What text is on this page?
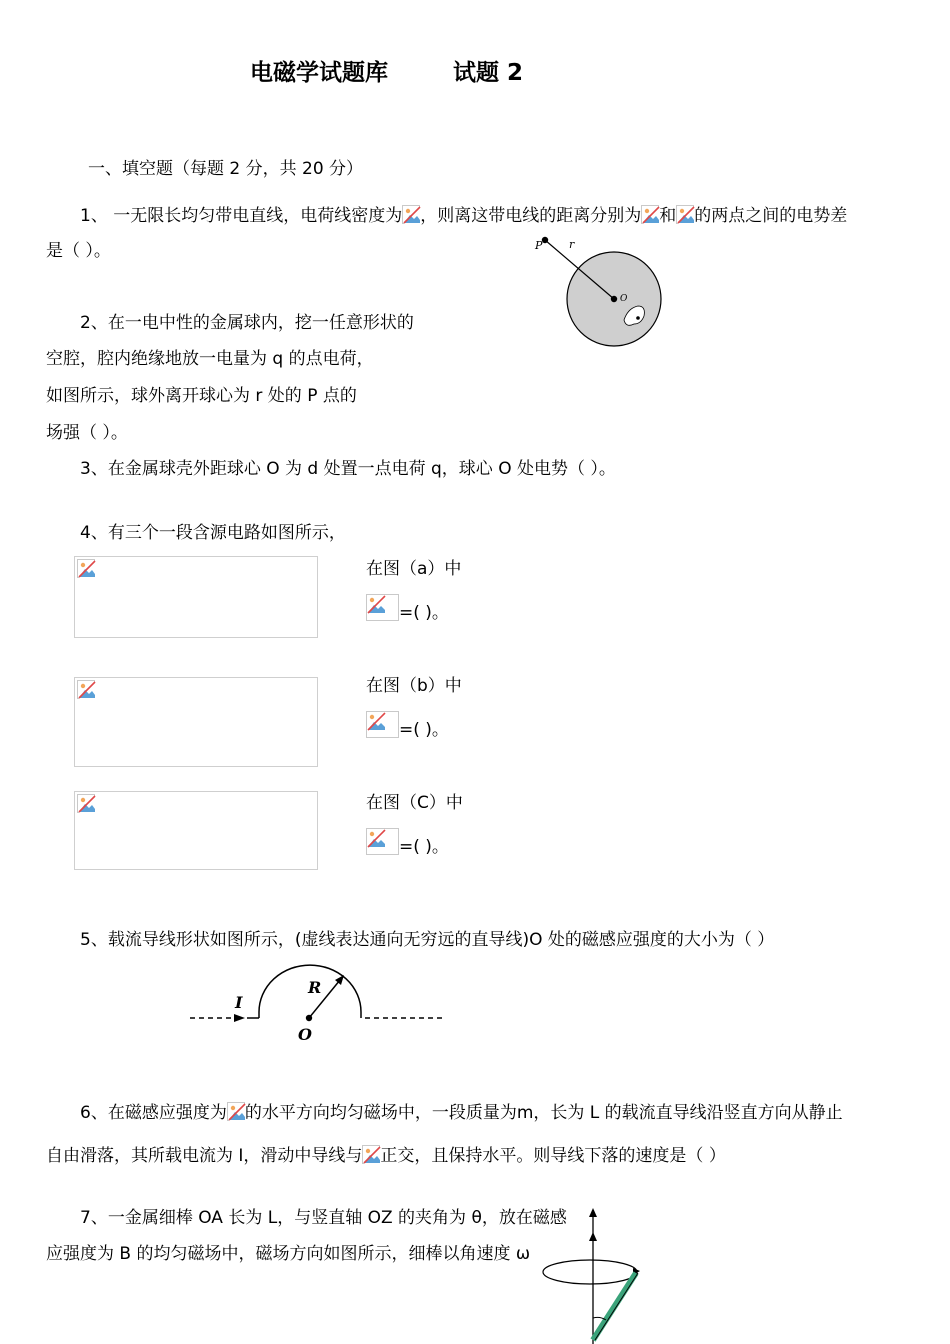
电磁学试题库	试题 2
一、填空题（每题 2 分，共 20 分）
1、 一无限长均匀带电直线，电荷线密度为 ，则离这带电线的距离分别为 和 的两点之间的电势差
是（ ）。	P r
O
2、在一电中性的金属球内，挖一任意形状的
空腔，腔内绝缘地放一电量为 q 的点电荷，
如图所示，球外离开球心为 r 处的 P 点的
场强（ ）。
3、在金属球壳外距球心 O 为 d 处置一点电荷 q，球心 O 处电势（ ）。
4、有三个一段含源电路如图所示，
在图（a）中
=( )。
在图（b）中
=( )。
在图（C）中
=( )。
5、载流导线形状如图所示，(虚线表达通向无穷远的直导线)O 处的磁感应强度的大小为（ ）
I
R
O
6、在磁感应强度为 的水平方向均匀磁场中，一段质量为m，长为 L 的载流直导线沿竖直方向从静止
自由滑落，其所载电流为 I，滑动中导线与 正交，且保持水平。则导线下落的速度是（ ）
7、一金属细棒 OA 长为 L，与竖直轴 OZ 的夹角为 θ，放在磁感
应强度为 B 的均匀磁场中，磁场方向如图所示，细棒以角速度 ω
